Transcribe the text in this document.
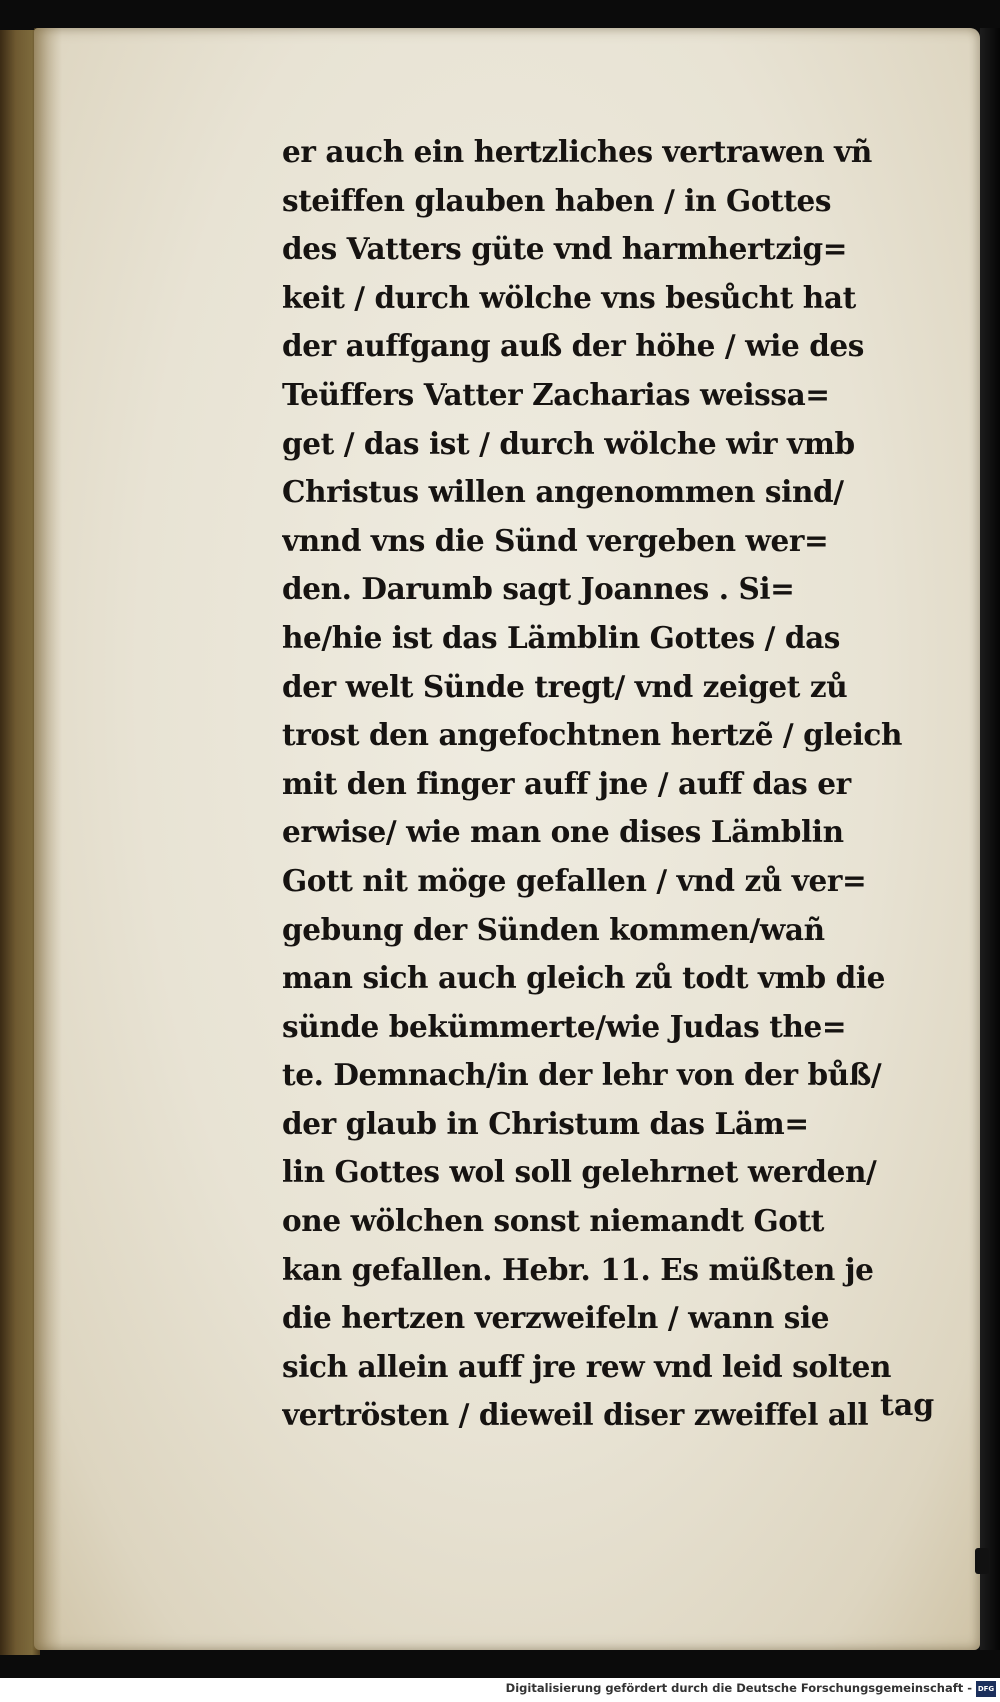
er auch ein hertzliches vertrawen vñ
steiffen glauben haben / in Gottes
des Vatters güte vnd harmhertzig=
keit / durch wölche vns besůcht hat
der auffgang auß der höhe / wie des
Teüffers Vatter Zacharias weissa=
get / das ist / durch wölche wir vmb
Christus willen angenommen sind/
vnnd vns die Sünd vergeben wer=
den. Darumb sagt Joannes . Si=
he/hie ist das Lämblin Gottes / das
der welt Sünde tregt/ vnd zeiget zů
trost den angefochtnen hertzẽ / gleich
mit den finger auff jne / auff das er
erwise/ wie man one dises Lämblin
Gott nit möge gefallen / vnd zů ver=
gebung der Sünden kommen/wañ
man sich auch gleich zů todt vmb die
sünde bekümmerte/wie Judas the=
te. Demnach/in der lehr von der bůß/
der glaub in Christum das Läm=
lin Gottes wol soll gelehrnet werden/
one wölchen sonst niemandt Gott
kan gefallen. Hebr. 11. Es müßten je
die hertzen verzweifeln / wann sie
sich allein auff jre rew vnd leid solten
vertrösten / dieweil diser zweiffel all tag
Digitalisierung gefördert durch die Deutsche Forschungsgemeinschaft - DFG
